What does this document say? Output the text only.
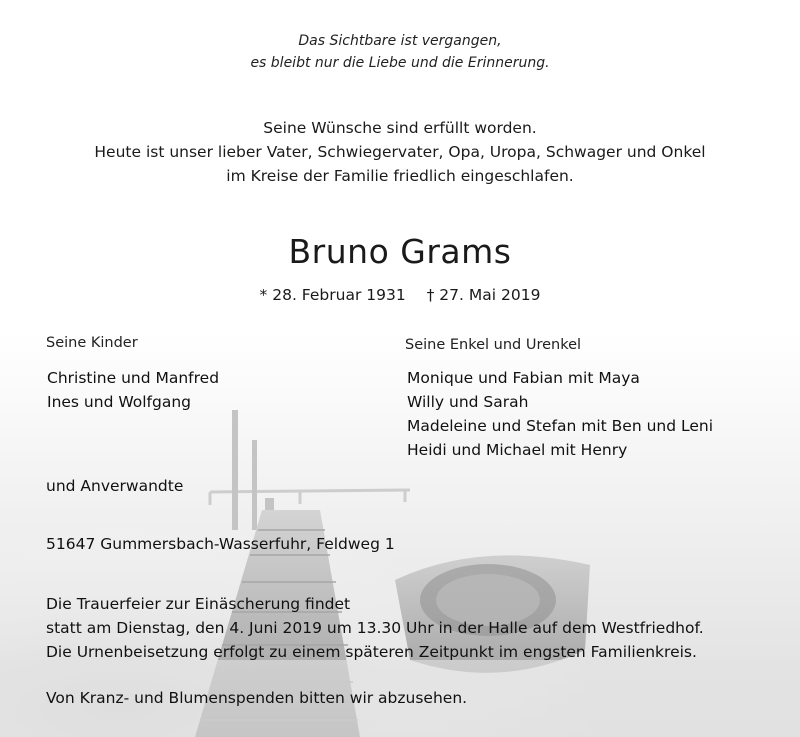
Das Sichtbare ist vergangen,
es bleibt nur die Liebe und die Erinnerung.
Seine Wünsche sind erfüllt worden.
Heute ist unser lieber Vater, Schwiegervater, Opa, Uropa, Schwager und Onkel
im Kreise der Familie friedlich eingeschlafen.
Bruno Grams
* 28. Februar 1931 † 27. Mai 2019
Seine Kinder
Christine und Manfred
Ines und Wolfgang
Seine Enkel und Urenkel
Monique und Fabian mit Maya
Willy und Sarah
Madeleine und Stefan mit Ben und Leni
Heidi und Michael mit Henry
und Anverwandte
51647 Gummersbach-Wasserfuhr, Feldweg 1
Die Trauerfeier zur Einäscherung findet
statt am Dienstag, den 4. Juni 2019 um 13.30 Uhr in der Halle auf dem Westfriedhof.
Die Urnenbeisetzung erfolgt zu einem späteren Zeitpunkt im engsten Familienkreis.
Von Kranz- und Blumenspenden bitten wir abzusehen.
